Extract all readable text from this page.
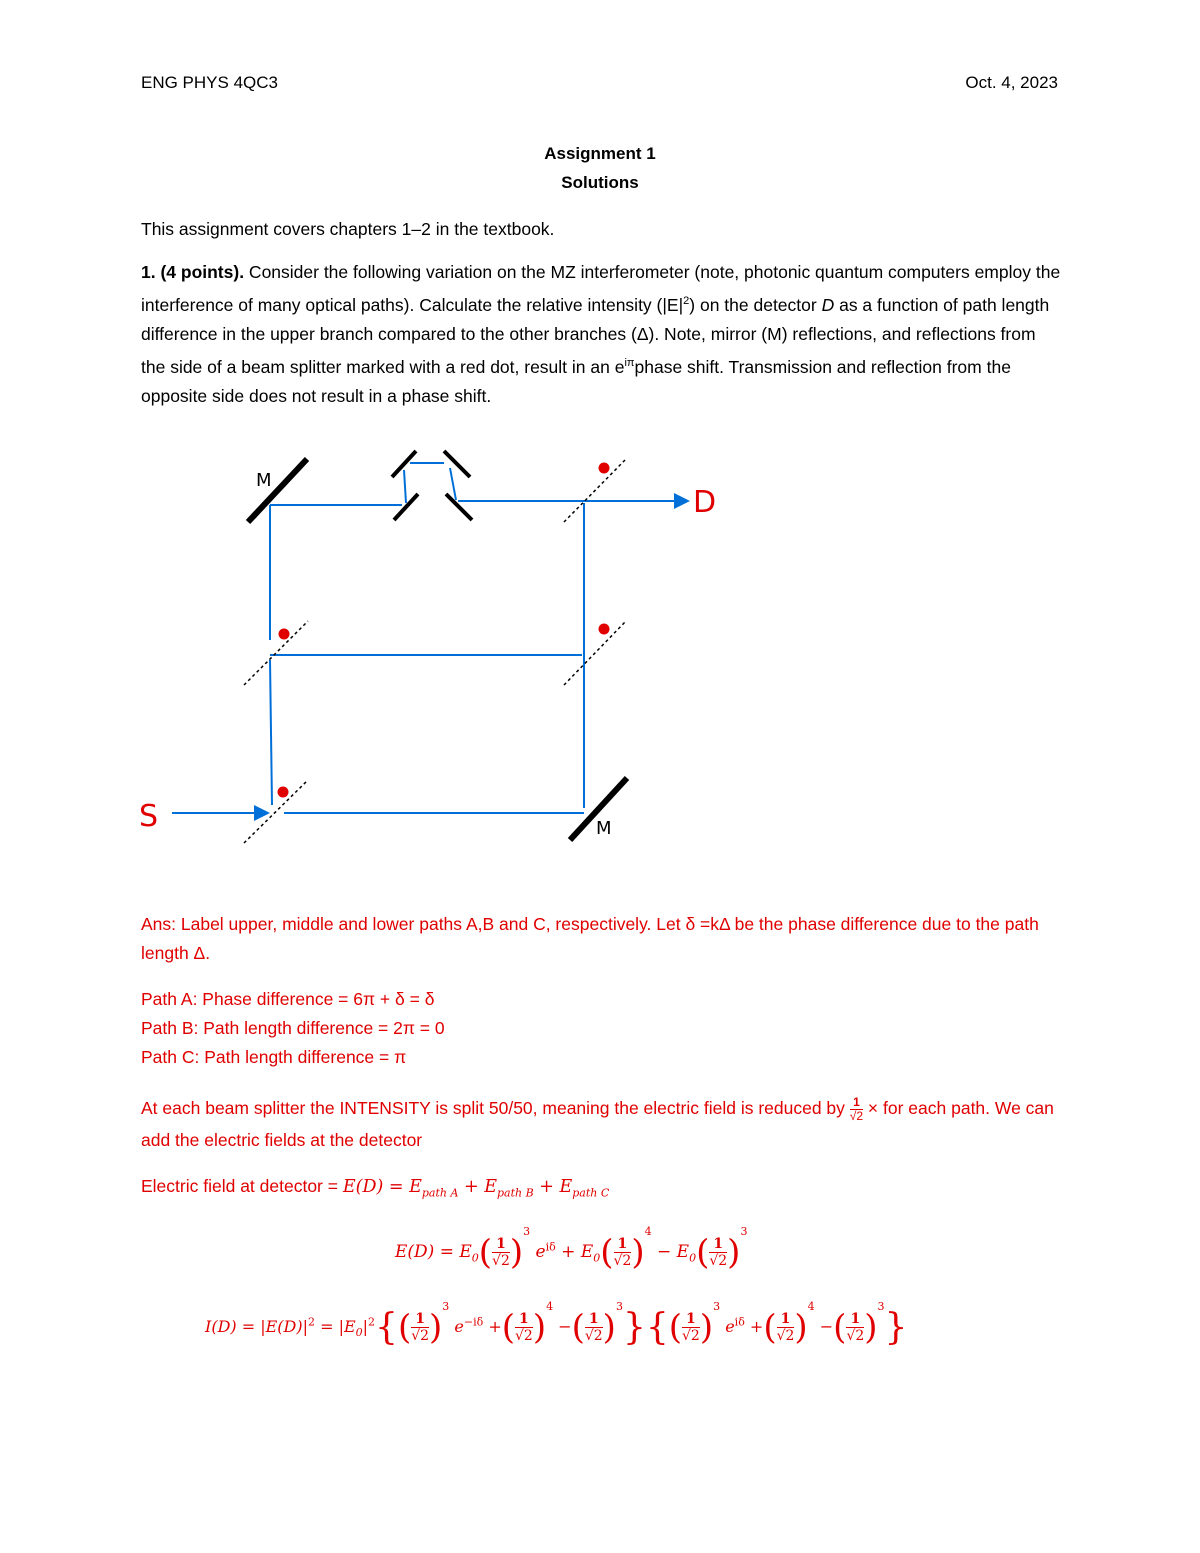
ENG PHYS 4QC3	Oct. 4, 2023
Assignment 1
Solutions
This assignment covers chapters 1–2 in the textbook.
1. (4 points). Consider the following variation on the MZ interferometer (note, photonic quantum computers employ the interference of many optical paths). Calculate the relative intensity $(|E|^2)$ on the detector D as a function of path length difference in the upper branch compared to the other branches (Δ). Note, mirror (M) reflections, and reflections from the side of a beam splitter marked with a red dot, result in an $e^{i\pi}phase$ shift. Transmission and reflection from the opposite side does not result in a phase shift.
M
M
D
S
Ans: Label upper, middle and lower paths A,B and C, respectively. Let δ =kΔ be the phase difference due to the path length Δ.
Path A: Phase difference = 6π + δ = δ
Path B: Path length difference = 2π = 0
Path C: Path length difference = π
At each beam splitter the INTENSITY is split 50/50, meaning the electric field is reduced by $\frac{1}{√2}$ × for each path. We can add the electric fields at the detector
Electric field at detector = $E(D) = E_{path A} + E_{path B} + E_{path C}$
$E(D) = E_0( \frac{1}{√2} )^3$ $e^{i\delta} + E_0( \frac{1}{√2} )^4 - E_0( \frac{1}{√2} )^3$
$I(D) = |E(D)|^2 = |E_0|^2\{( \frac{1}{√2} )^3$ $e^{-i\delta}$ +( $\frac{1}{√2} )^4$ −( $\frac{1}{√2} )^3\}\{( \frac{1}{√2} )^3$ $e^{i\delta}$ +( $\frac{1}{√2} )^4$ −( $\frac{1}{√2} )^3$}
